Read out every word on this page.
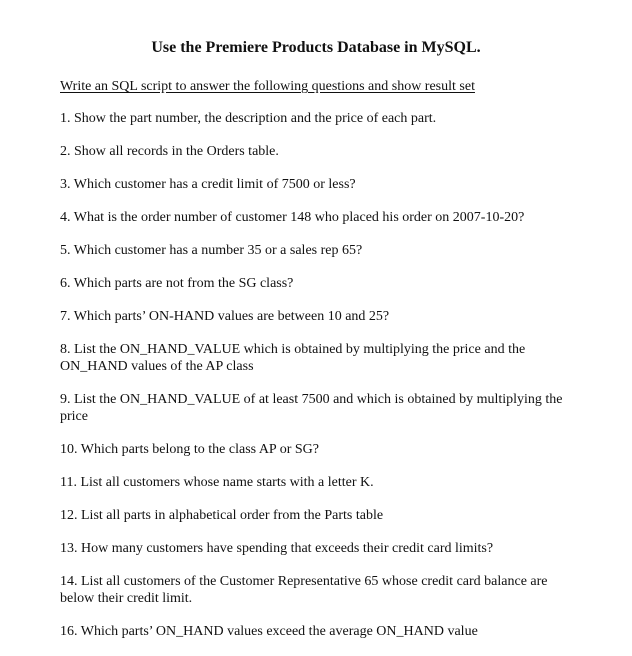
Use the Premiere Products Database in MySQL.
Write an SQL script to answer the following questions and show result set
1. Show the part number, the description and the price of each part.
2. Show all records in the Orders table.
3. Which customer has a credit limit of 7500 or less?
4. What is the order number of customer 148 who placed his order on 2007-10-20?
5. Which customer has a number 35 or a sales rep 65?
6. Which parts are not from the SG class?
7. Which parts’ ON-HAND values are between 10 and 25?
8. List the ON_HAND_VALUE which is obtained by multiplying the price and the ON_HAND values of the AP class
9. List the ON_HAND_VALUE of at least 7500 and which is obtained by multiplying the price
10. Which parts belong to the class AP or SG?
11. List all customers whose name starts with a letter K.
12. List all parts in alphabetical order from the Parts table
13. How many customers have spending that exceeds their credit card limits?
14. List all customers of the Customer Representative 65 whose credit card balance are below their credit limit.
16. Which parts’ ON_HAND values exceed the average ON_HAND value
